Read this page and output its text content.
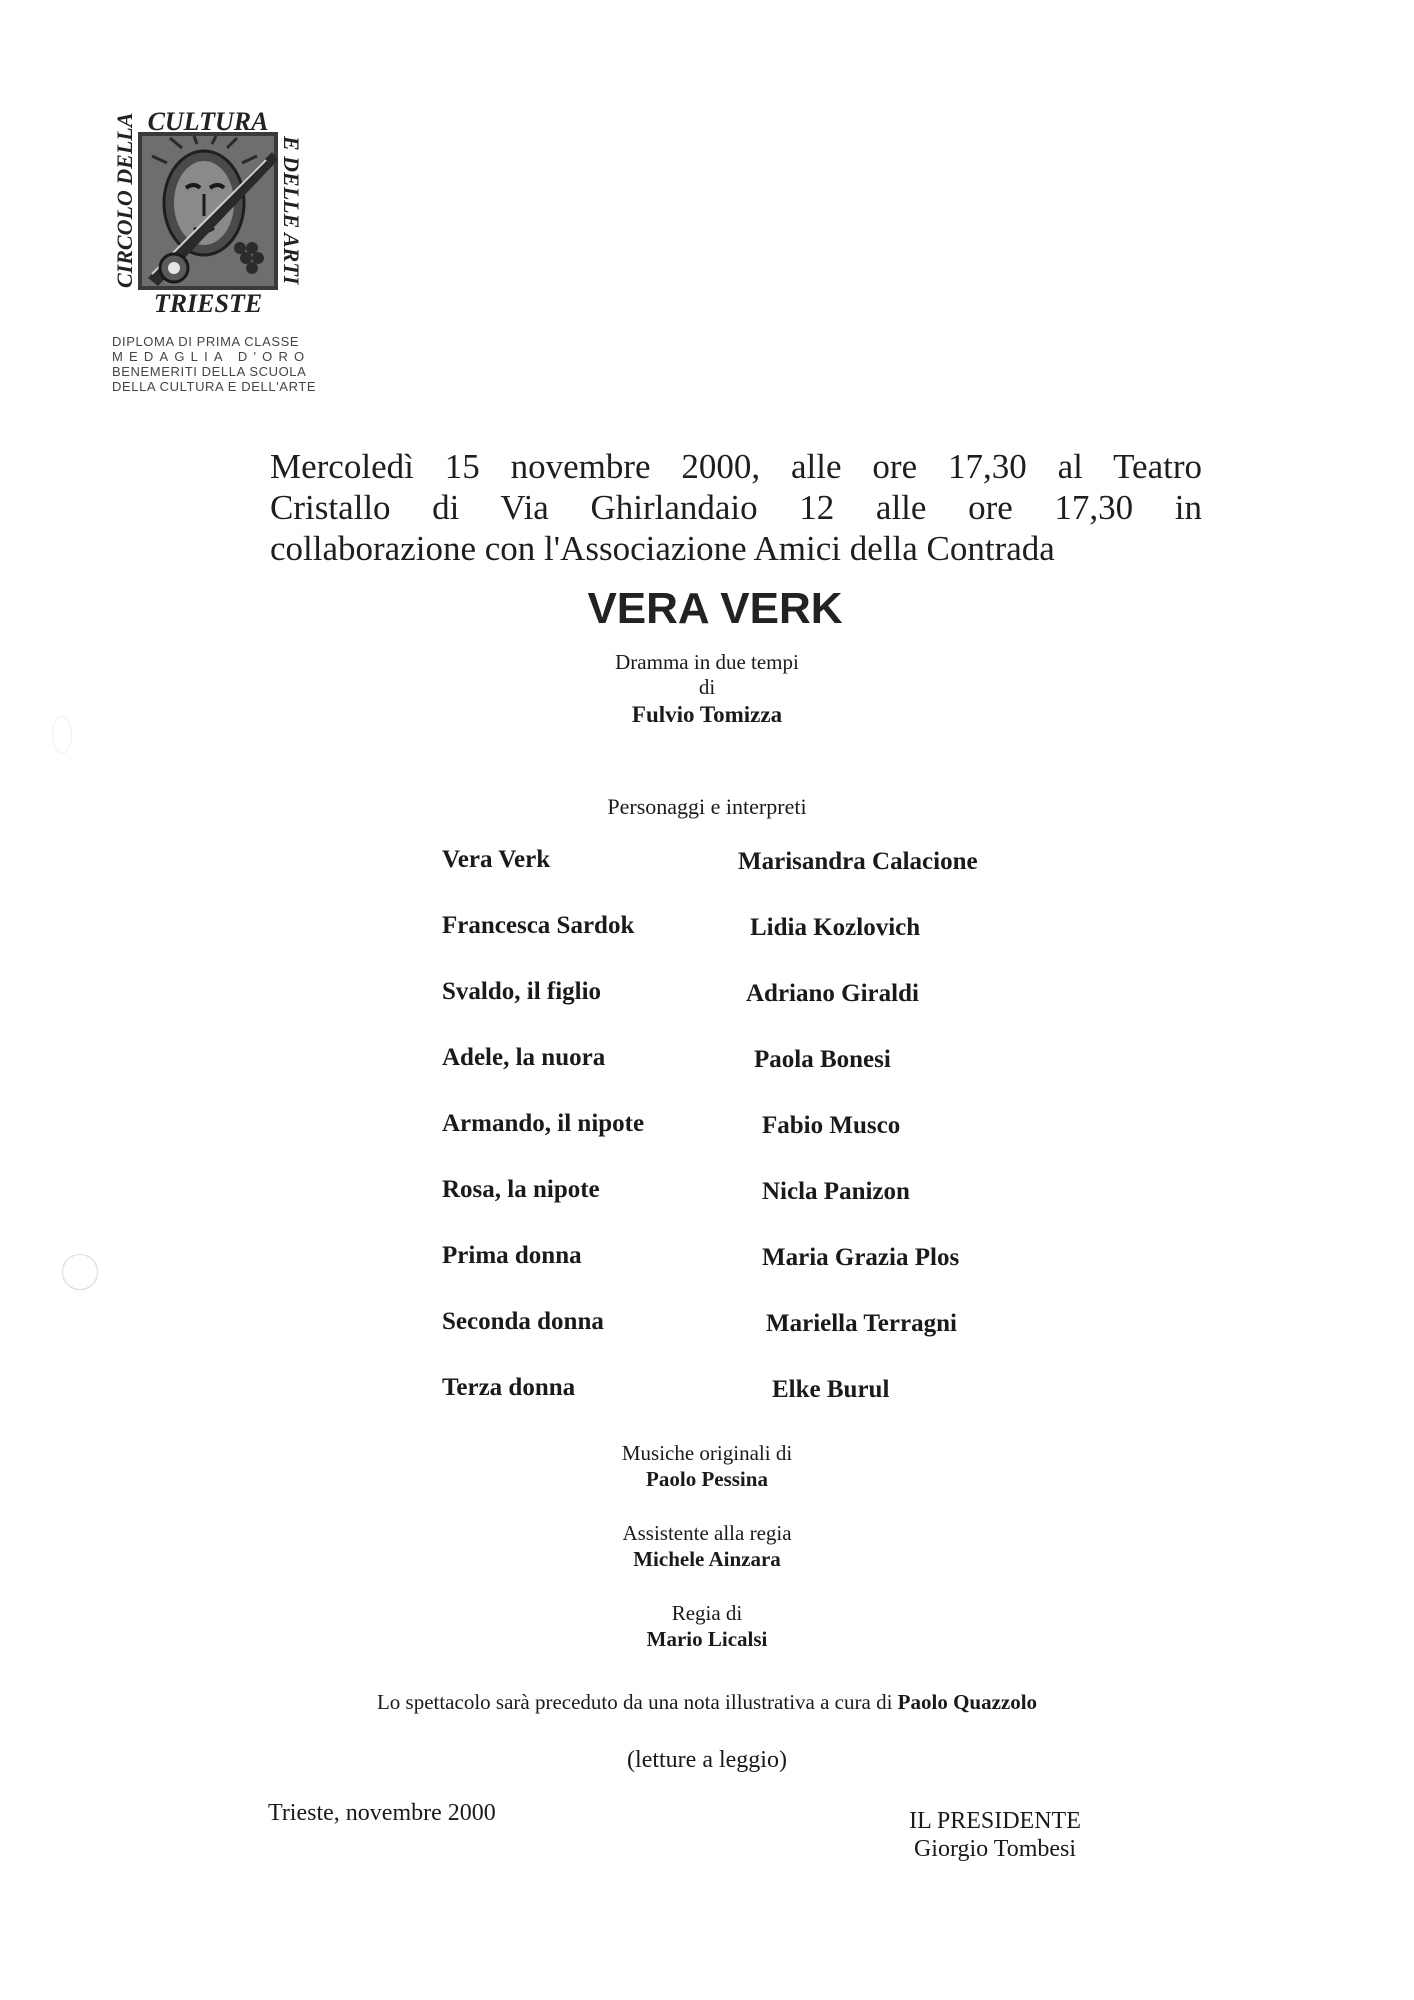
CULTURA
TRIESTE
CIRCOLO DELLA	E DELLE ARTI
DIPLOMA DI PRIMA CLASSE
MEDAGLIA D'ORO
BENEMERITI DELLA SCUOLA
DELLA CULTURA E DELL'ARTE
Mercoledì 15 novembre 2000, alle ore 17,30 al Teatro
Cristallo di Via Ghirlandaio 12 alle ore 17,30 in
collaborazione con l'Associazione Amici della Contrada
VERA VERK
Dramma in due tempi
di
Fulvio Tomizza
Personaggi e interpreti
Vera Verk	Marisandra Calacione
Francesca Sardok	Lidia Kozlovich
Svaldo, il figlio	Adriano Giraldi
Adele, la nuora	Paola Bonesi
Armando, il nipote	Fabio Musco
Rosa, la nipote	Nicla Panizon
Prima donna	Maria Grazia Plos
Seconda donna	Mariella Terragni
Terza donna	Elke Burul
Musiche originali di
Paolo Pessina
Assistente alla regia
Michele Ainzara
Regia di
Mario Licalsi
Lo spettacolo sarà preceduto da una nota illustrativa a cura di Paolo Quazzolo
(letture a leggio)
Trieste, novembre 2000	IL PRESIDENTE
Giorgio Tombesi
